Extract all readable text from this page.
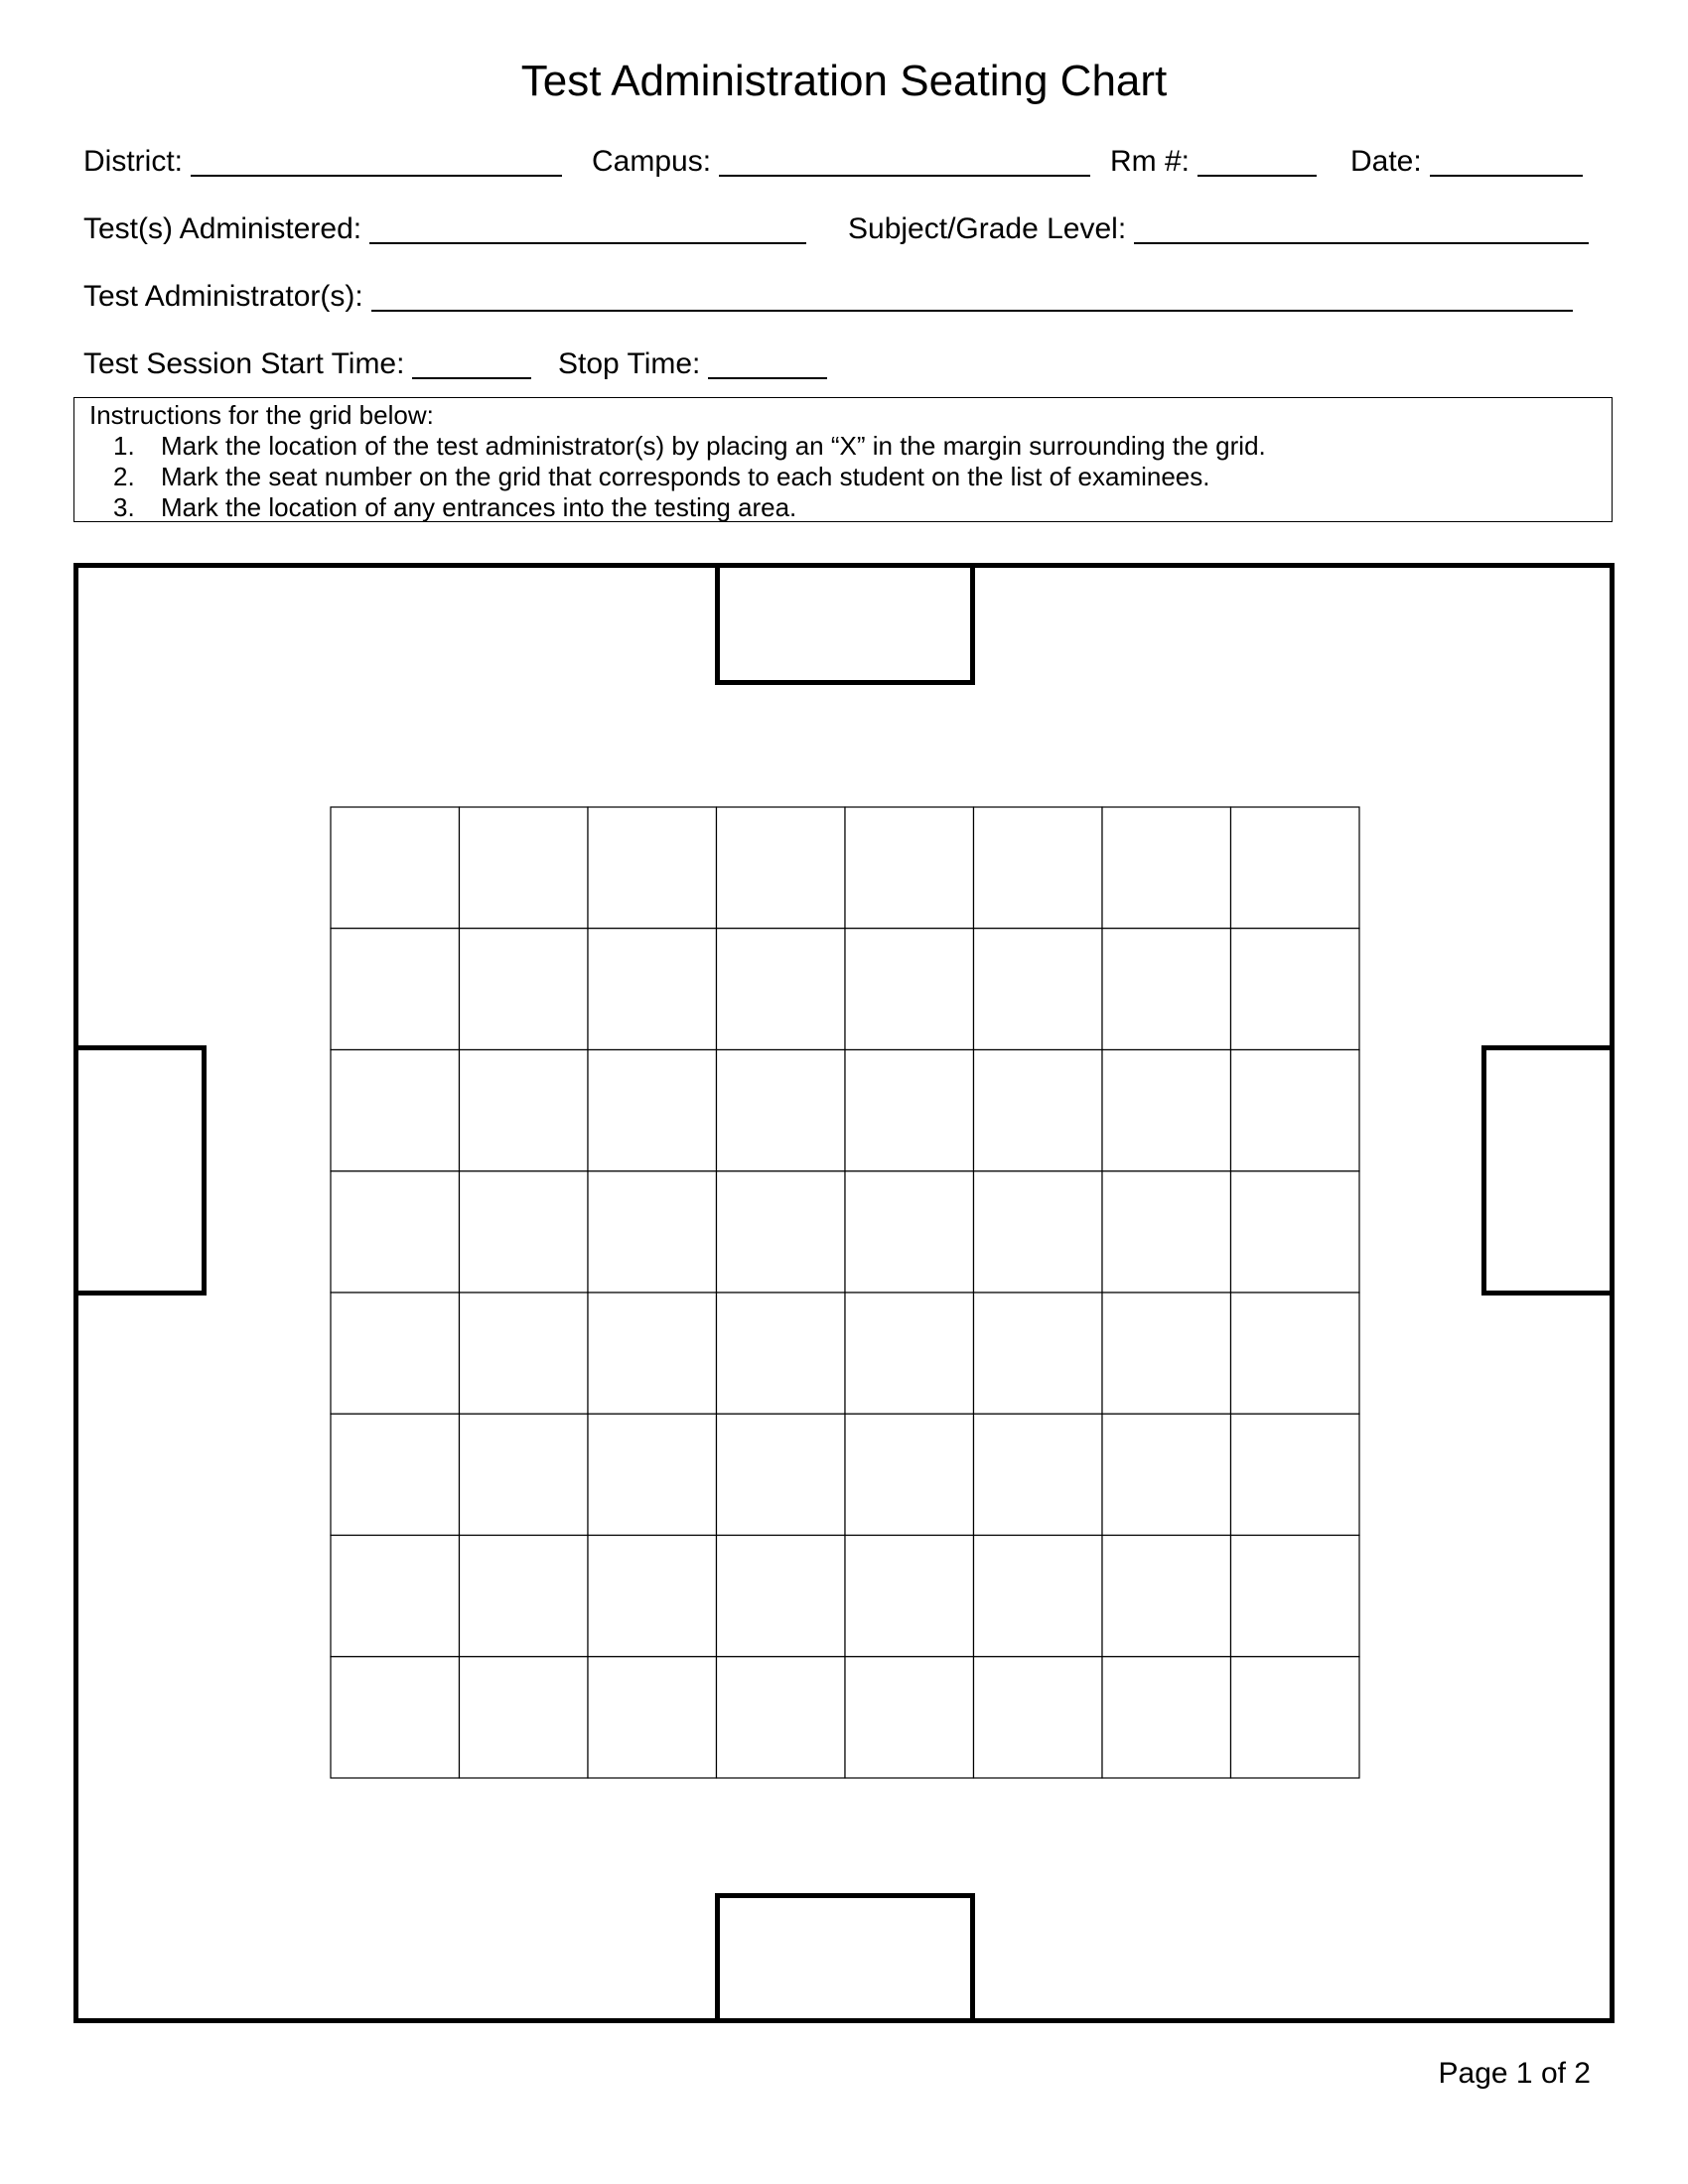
Test Administration Seating Chart
District:	Campus:	Rm #:	Date:
Test(s) Administered:	Subject/Grade Level:
Test Administrator(s):
Test Session Start Time:	Stop Time:
Instructions for the grid below:
1. Mark the location of the test administrator(s) by placing an “X” in the margin surrounding the grid.
2. Mark the seat number on the grid that corresponds to each student on the list of examinees.
3. Mark the location of any entrances into the testing area.
Page 1 of 2
